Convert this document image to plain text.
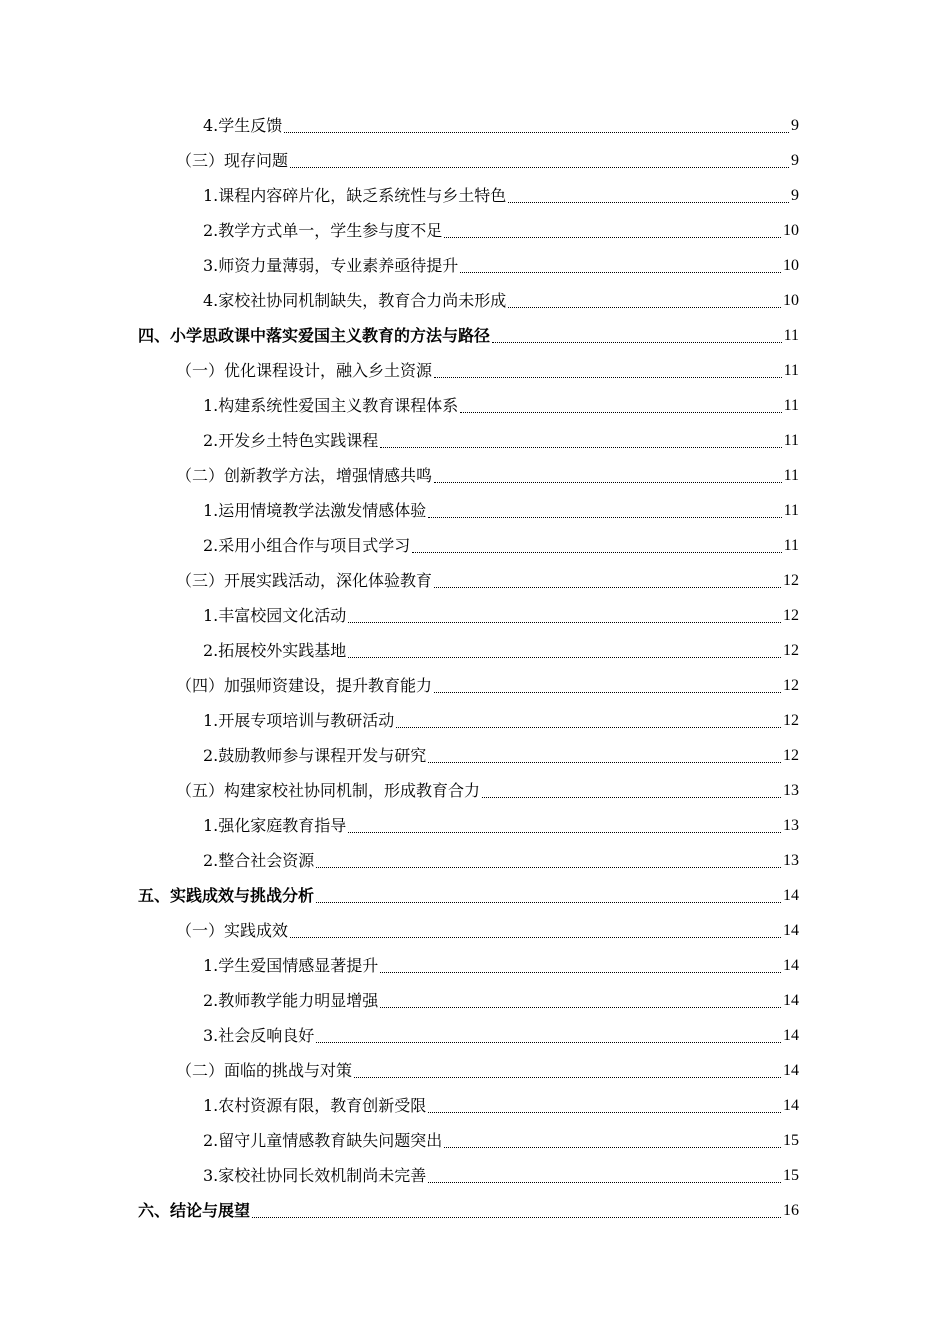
4.学生反馈	9
（三）现存问题	9
1.课程内容碎片化，缺乏系统性与乡土特色	9
2.教学方式单一，学生参与度不足	10
3.师资力量薄弱，专业素养亟待提升	10
4.家校社协同机制缺失，教育合力尚未形成	10
四、小学思政课中落实爱国主义教育的方法与路径	11
（一）优化课程设计，融入乡土资源	11
1.构建系统性爱国主义教育课程体系	11
2.开发乡土特色实践课程	11
（二）创新教学方法，增强情感共鸣	11
1.运用情境教学法激发情感体验	11
2.采用小组合作与项目式学习	11
（三）开展实践活动，深化体验教育	12
1.丰富校园文化活动	12
2.拓展校外实践基地	12
（四）加强师资建设，提升教育能力	12
1.开展专项培训与教研活动	12
2.鼓励教师参与课程开发与研究	12
（五）构建家校社协同机制，形成教育合力	13
1.强化家庭教育指导	13
2.整合社会资源	13
五、实践成效与挑战分析	14
（一）实践成效	14
1.学生爱国情感显著提升	14
2.教师教学能力明显增强	14
3.社会反响良好	14
（二）面临的挑战与对策	14
1.农村资源有限，教育创新受限	14
2.留守儿童情感教育缺失问题突出	15
3.家校社协同长效机制尚未完善	15
六、结论与展望	16
